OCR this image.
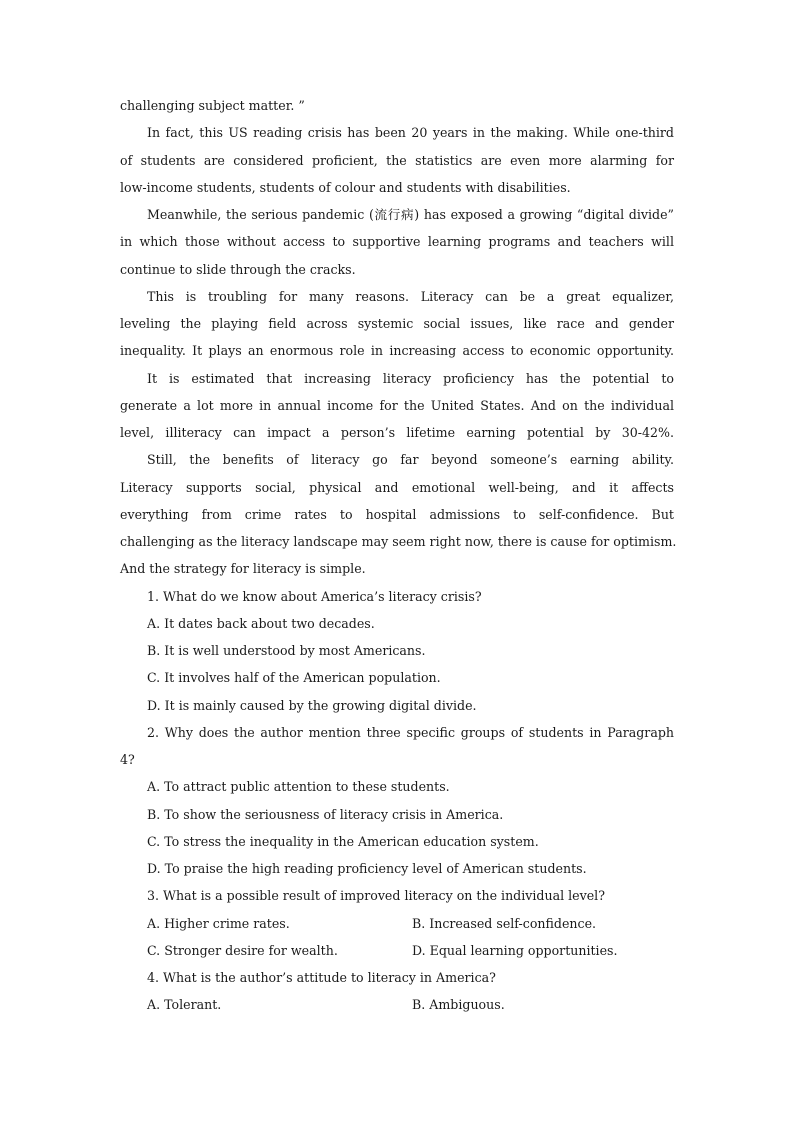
challenging subject matter. ”
In fact, this US reading crisis has been 20 years in the making. While one-third
of students are considered proficient, the statistics are even more alarming for
low-income students, students of colour and students with disabilities.
Meanwhile, the serious pandemic (流行病) has exposed a growing “digital divide”
in which those without access to supportive learning programs and teachers will
continue to slide through the cracks.
This is troubling for many reasons. Literacy can be a great equalizer,
leveling the playing field across systemic social issues, like race and gender
inequality. It plays an enormous role in increasing access to economic opportunity.
It is estimated that increasing literacy proficiency has the potential to
generate a lot more in annual income for the United States. And on the individual
level, illiteracy can impact a person’s lifetime earning potential by 30-42%.
Still, the benefits of literacy go far beyond someone’s earning ability.
Literacy supports social, physical and emotional well-being, and it affects
everything from crime rates to hospital admissions to self-confidence. But
challenging as the literacy landscape may seem right now, there is cause for optimism.
And the strategy for literacy is simple.
1. What do we know about America’s literacy crisis?
A. It dates back about two decades.
B. It is well understood by most Americans.
C. It involves half of the American population.
D. It is mainly caused by the growing digital divide.
2. Why does the author mention three specific groups of students in Paragraph
4?
A. To attract public attention to these students.
B. To show the seriousness of literacy crisis in America.
C. To stress the inequality in the American education system.
D. To praise the high reading proficiency level of American students.
3. What is a possible result of improved literacy on the individual level?
A. Higher crime rates.	B. Increased self-confidence.
C. Stronger desire for wealth.	D. Equal learning opportunities.
4. What is the author’s attitude to literacy in America?
A. Tolerant.	B. Ambiguous.
